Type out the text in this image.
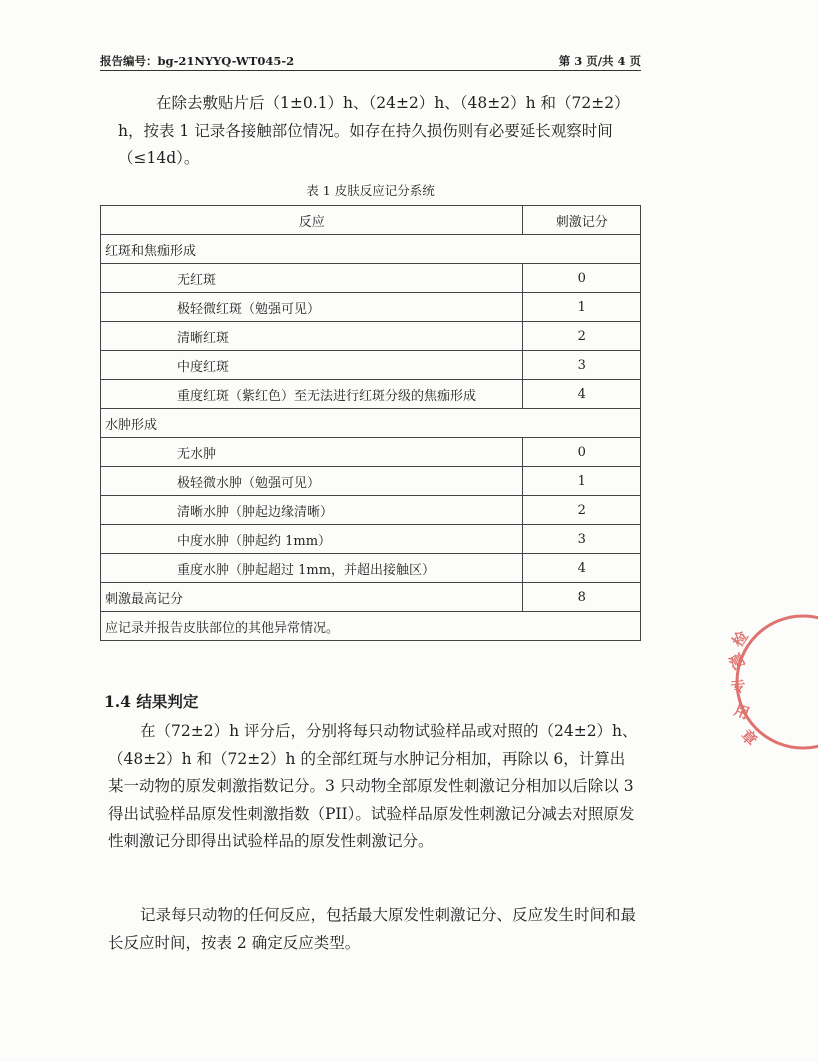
报告编号：bg-21NYYQ-WT045-2	第 3 页/共 4 页

在除去敷贴片后（1±0.1）h、（24±2）h、（48±2）h 和（72±2）h，按表 1 记录各接触部位情况。如存在持久损伤则有必要延长观察时间（≤14d）。

表 1 皮肤反应记分系统
反应	刺激记分
红斑和焦痂形成	
无红斑	0
极轻微红斑（勉强可见）	1
清晰红斑	2
中度红斑	3
重度红斑（紫红色）至无法进行红斑分级的焦痂形成	4
水肿形成	
无水肿	0
极轻微水肿（勉强可见）	1
清晰水肿（肿起边缘清晰）	2
中度水肿（肿起约 1mm）	3
重度水肿（肿起超过 1mm，并超出接触区）	4
刺激最高记分	8
应记录并报告皮肤部位的其他异常情况。	
1.4 结果判定

在（72±2）h 评分后，分别将每只动物试验样品或对照的（24±2）h、（48±2）h 和（72±2）h 的全部红斑与水肿记分相加，再除以 6，计算出某一动物的原发刺激指数记分。3 只动物全部原发性刺激记分相加以后除以 3 得出试验样品原发性刺激指数（PII）。试验样品原发性刺激记分减去对照原发性刺激记分即得出试验样品的原发性刺激记分。

记录每只动物的任何反应，包括最大原发性刺激记分、反应发生时间和最长反应时间，按表 2 确定反应类型。

检
测
专
用
章
